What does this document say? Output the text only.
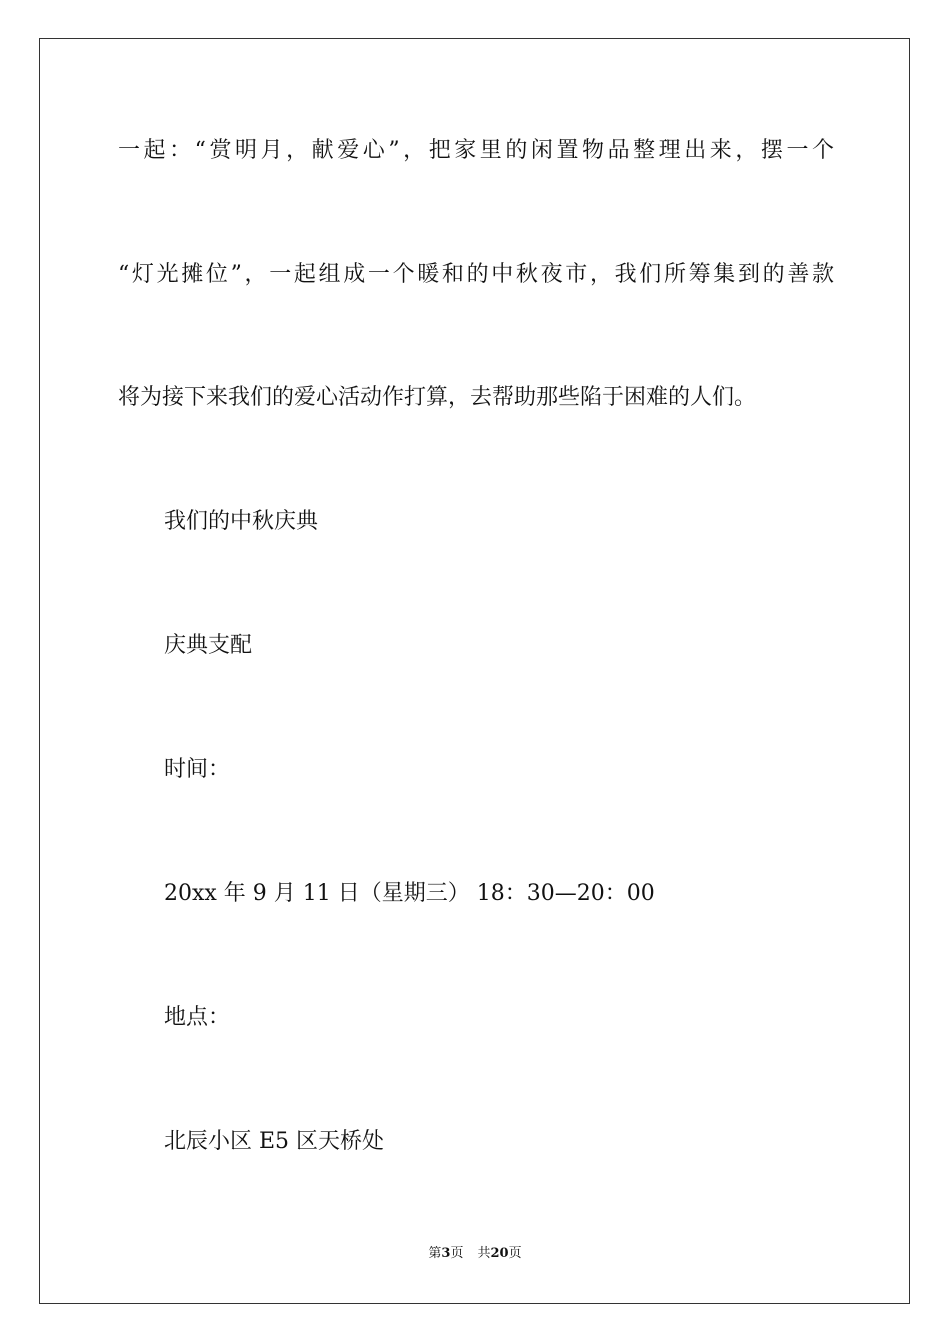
一起：“赏明月，献爱心”，把家里的闲置物品整理出来，摆一个
“灯光摊位”，一起组成一个暖和的中秋夜市，我们所筹集到的善款
将为接下来我们的爱心活动作打算，去帮助那些陷于困难的人们。
我们的中秋庆典
庆典支配
时间：
20xx 年 9 月 11 日（星期三） 18：30—20：00
地点：
北辰小区 E5 区天桥处
第3页 共20页
